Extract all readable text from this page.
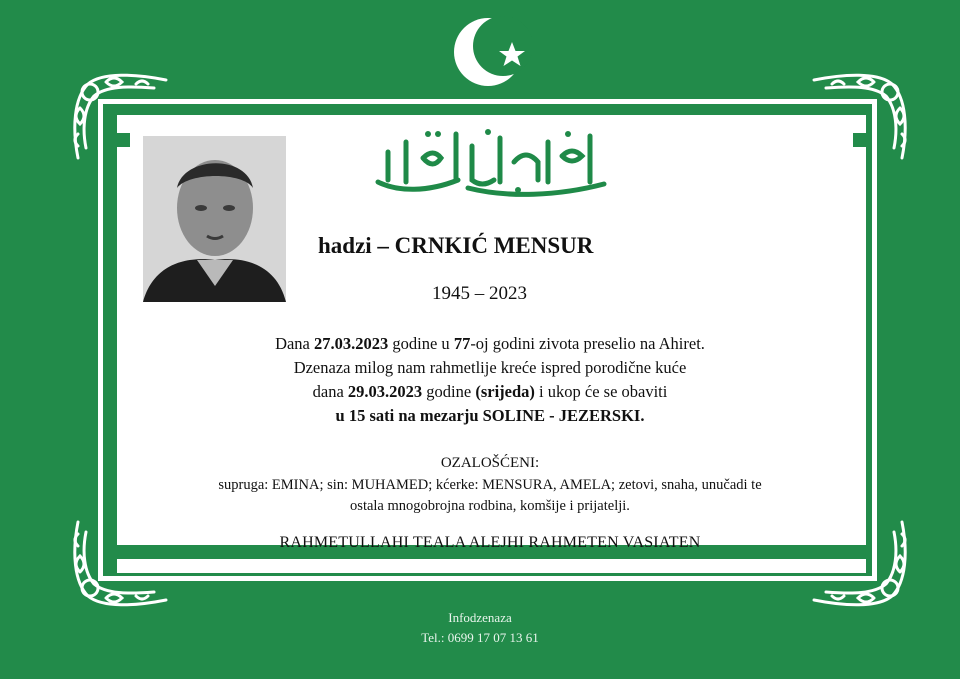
hadzi – CRNKIĆ MENSUR
1945 – 2023
Dana 27.03.2023 godine u 77-oj godini zivota preselio na Ahiret.
Dzenaza milog nam rahmetlije kreće ispred porodične kuće
dana 29.03.2023 godine (srijeda) i ukop će se obaviti
u 15 sati na mezarju SOLINE - JEZERSKI.
OZALOŠĆENI:
supruga: EMINA; sin: MUHAMED; kćerke: MENSURA, AMELA; zetovi, snaha, unučadi te
ostala mnogobrojna rodbina, komšije i prijatelji.
RAHMETULLAHI TEALA ALEJHI RAHMETEN VASIATEN
Infodzenaza
Tel.: 0699 17 07 13 61
